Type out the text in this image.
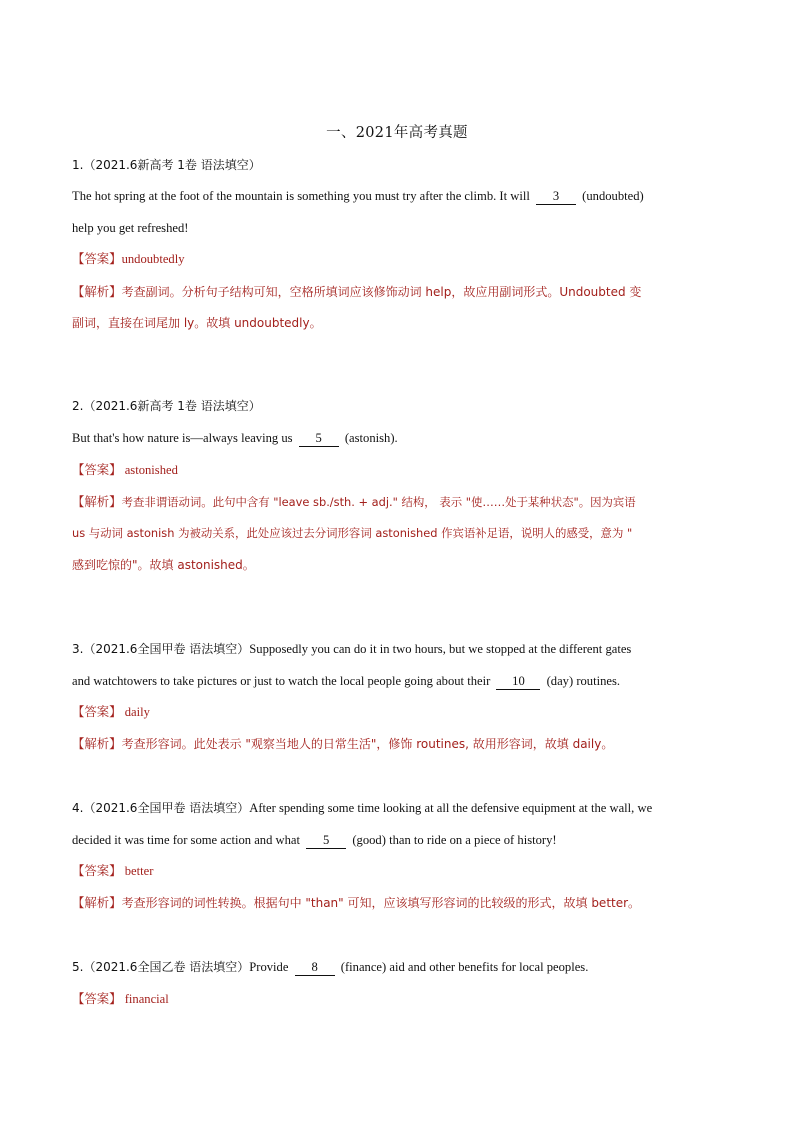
一、2021年高考真题
1.（2021.6新高考 1卷 语法填空）
The hot spring at the foot of the mountain is something you must try after the climb. It will 3 (undoubted)
help you get refreshed!
【答案】undoubtedly
【解析】考查副词。分析句子结构可知，空格所填词应该修饰动词 help，故应用副词形式。Undoubted 变
副词，直接在词尾加 ly。故填 undoubtedly。
2.（2021.6新高考 1卷 语法填空）
But that's how nature is—always leaving us 5 (astonish).
【答案】 astonished
【解析】考查非谓语动词。此句中含有 "leave sb./sth. + adj." 结构， 表示 "使……处于某种状态"。因为宾语
us 与动词 astonish 为被动关系，此处应该过去分词形容词 astonished 作宾语补足语，说明人的感受，意为 "
感到吃惊的"。故填 astonished。
3.（2021.6全国甲卷 语法填空）Supposedly you can do it in two hours, but we stopped at the different gates
and watchtowers to take pictures or just to watch the local people going about their 10 (day) routines.
【答案】 daily
【解析】考查形容词。此处表示 "观察当地人的日常生活"，修饰 routines, 故用形容词，故填 daily。
4.（2021.6全国甲卷 语法填空）After spending some time looking at all the defensive equipment at the wall, we
decided it was time for some action and what 5 (good) than to ride on a piece of history!
【答案】 better
【解析】考查形容词的词性转换。根据句中 "than" 可知，应该填写形容词的比较级的形式，故填 better。
5.（2021.6全国乙卷 语法填空）Provide 8 (finance) aid and other benefits for local peoples.
【答案】 financial
